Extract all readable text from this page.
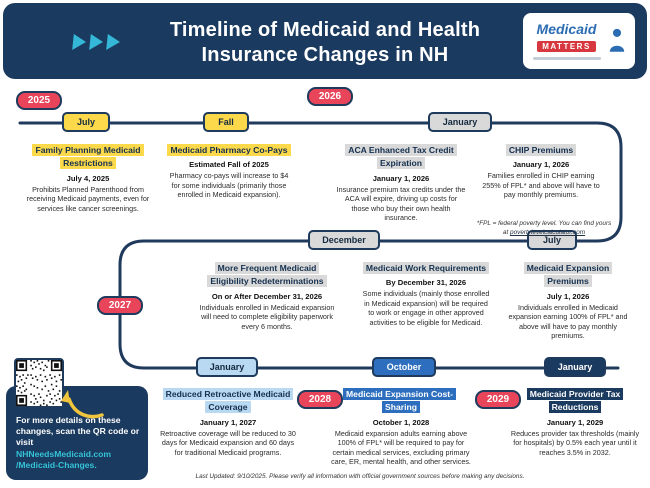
Timeline of Medicaid and Health
Insurance Changes in NH
Medicaid
MATTERS
2025	2026
2027
2028	2029
July	Fall	January
December	July
January	October	January
Family Planning Medicaid Restrictions
July 4, 2025
Prohibits Planned Parenthood from receiving Medicaid payments, even for services like cancer screenings.
Medicaid Pharmacy Co-Pays
Estimated Fall of 2025
Pharmacy co-pays will increase to $4 for some individuals (primarily those enrolled in Medicaid expansion).
ACA Enhanced Tax Credit Expiration
January 1, 2026
Insurance premium tax credits under the ACA will expire, driving up costs for those who buy their own health insurance.
CHIP Premiums
January 1, 2026
Families enrolled in CHIP earning 255% of FPL* and above will have to pay monthly premiums.
*FPL = federal poverty level. You can find yours at povertylevelcalculator.com
More Frequent Medicaid Eligibility Redeterminations
On or After December 31, 2026
Individuals enrolled in Medicaid expansion will need to complete eligibility paperwork every 6 months.
Medicaid Work Requirements
By December 31, 2026
Some individuals (mainly those enrolled in Medicaid expansion) will be required to work or engage in other approved activities to be eligible for Medicaid.
Medicaid Expansion Premiums
July 1, 2026
Individuals enrolled in Medicaid expansion earning 100% of FPL* and above will have to pay monthly premiums.
Reduced Retroactive Medicaid Coverage
January 1, 2027
Retroactive coverage will be reduced to 30 days for Medicaid expansion and 60 days for traditional Medicaid programs.
Medicaid Expansion Cost-Sharing
October 1, 2028
Medicaid expansion adults earning above 100% of FPL* will be required to pay for certain medical services, excluding primary care, ER, mental health, and other services.
Medicaid Provider Tax Reductions
January 1, 2029
Reduces provider tax thresholds (mainly for hospitals) by 0.5% each year until it reaches 3.5% in 2032.
For more details on these changes, scan the QR code or visit
NHNeedsMedicaid.com
/Medicaid-Changes.
Last Updated: 9/10/2025. Please verify all information with official government sources before making any decisions.
